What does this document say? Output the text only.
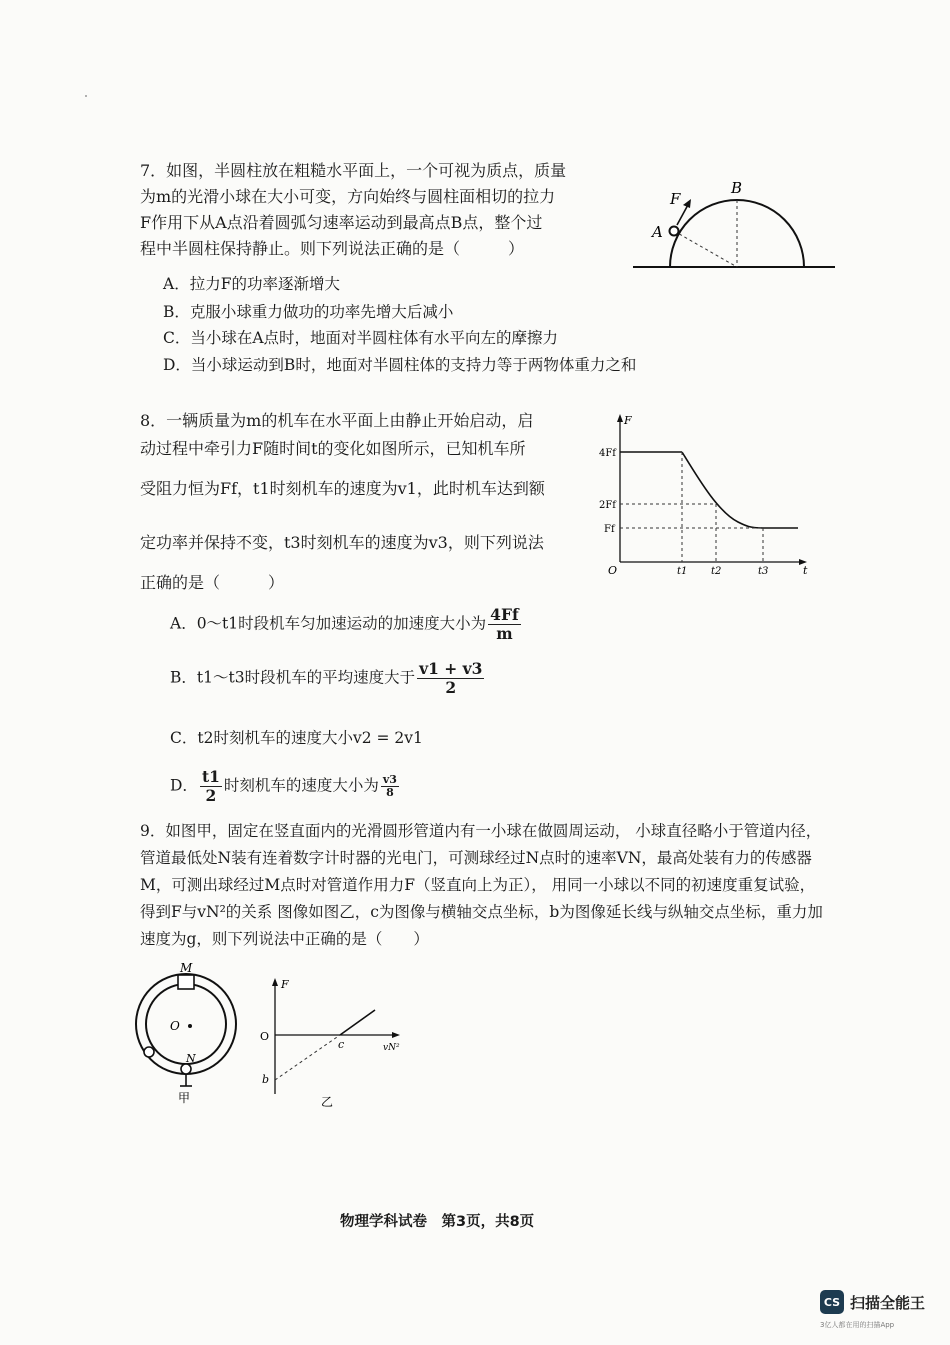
7．如图，半圆柱放在粗糙水平面上，一个可视为质点，质量
为m的光滑小球在大小可变，方向始终与圆柱面相切的拉力
F作用下从A点沿着圆弧匀速率运动到最高点B点，整个过
程中半圆柱保持静止。则下列说法正确的是（　　　）
A．拉力F的功率逐渐增大
B．克服小球重力做功的功率先增大后减小
C．当小球在A点时，地面对半圆柱体有水平向左的摩擦力
D．当小球运动到B时，地面对半圆柱体的支持力等于两物体重力之和
F
A
B
8．一辆质量为m的机车在水平面上由静止开始启动，启
动过程中牵引力F随时间t的变化如图所示，已知机车所
受阻力恒为Ff，t1时刻机车的速度为v1，此时机车达到额
定功率并保持不变，t3时刻机车的速度为v3，则下列说法
正确的是（　　　）
F
t
O
4Ff
2Ff
Ff
t1 t2	t3
A．0～t1时段机车匀加速运动的加速度大小为 $\frac{4Ff}{m}$
B．t1～t3时段机车的平均速度大于 $\frac{v1 + v3}{2}$
C．t2时刻机车的速度大小v2 = 2v1
D． $\frac{t1}{2}$ 时刻机车的速度大小为 $\frac{v3}{8}$
9．如图甲，固定在竖直面内的光滑圆形管道内有一小球在做圆周运动， 小球直径略小于管道内径，管道最低处N装有连着数字计时器的光电门，可测球经过N点时的速率VN，最高处装有力的传感器M，可测出球经过M点时对管道作用力F（竖直向上为正）， 用同一小球以不同的初速度重复试验， 得到F与vN²的关系 图像如图乙，c为图像与横轴交点坐标，b为图像延长线与纵轴交点坐标，重力加速度为g，则下列说法中正确的是（　　）
M
O
N
甲
F
O
c
b
vN²
乙
物理学科试卷　第3页，共8页
CS 扫描全能王
3亿人都在用的扫描App
